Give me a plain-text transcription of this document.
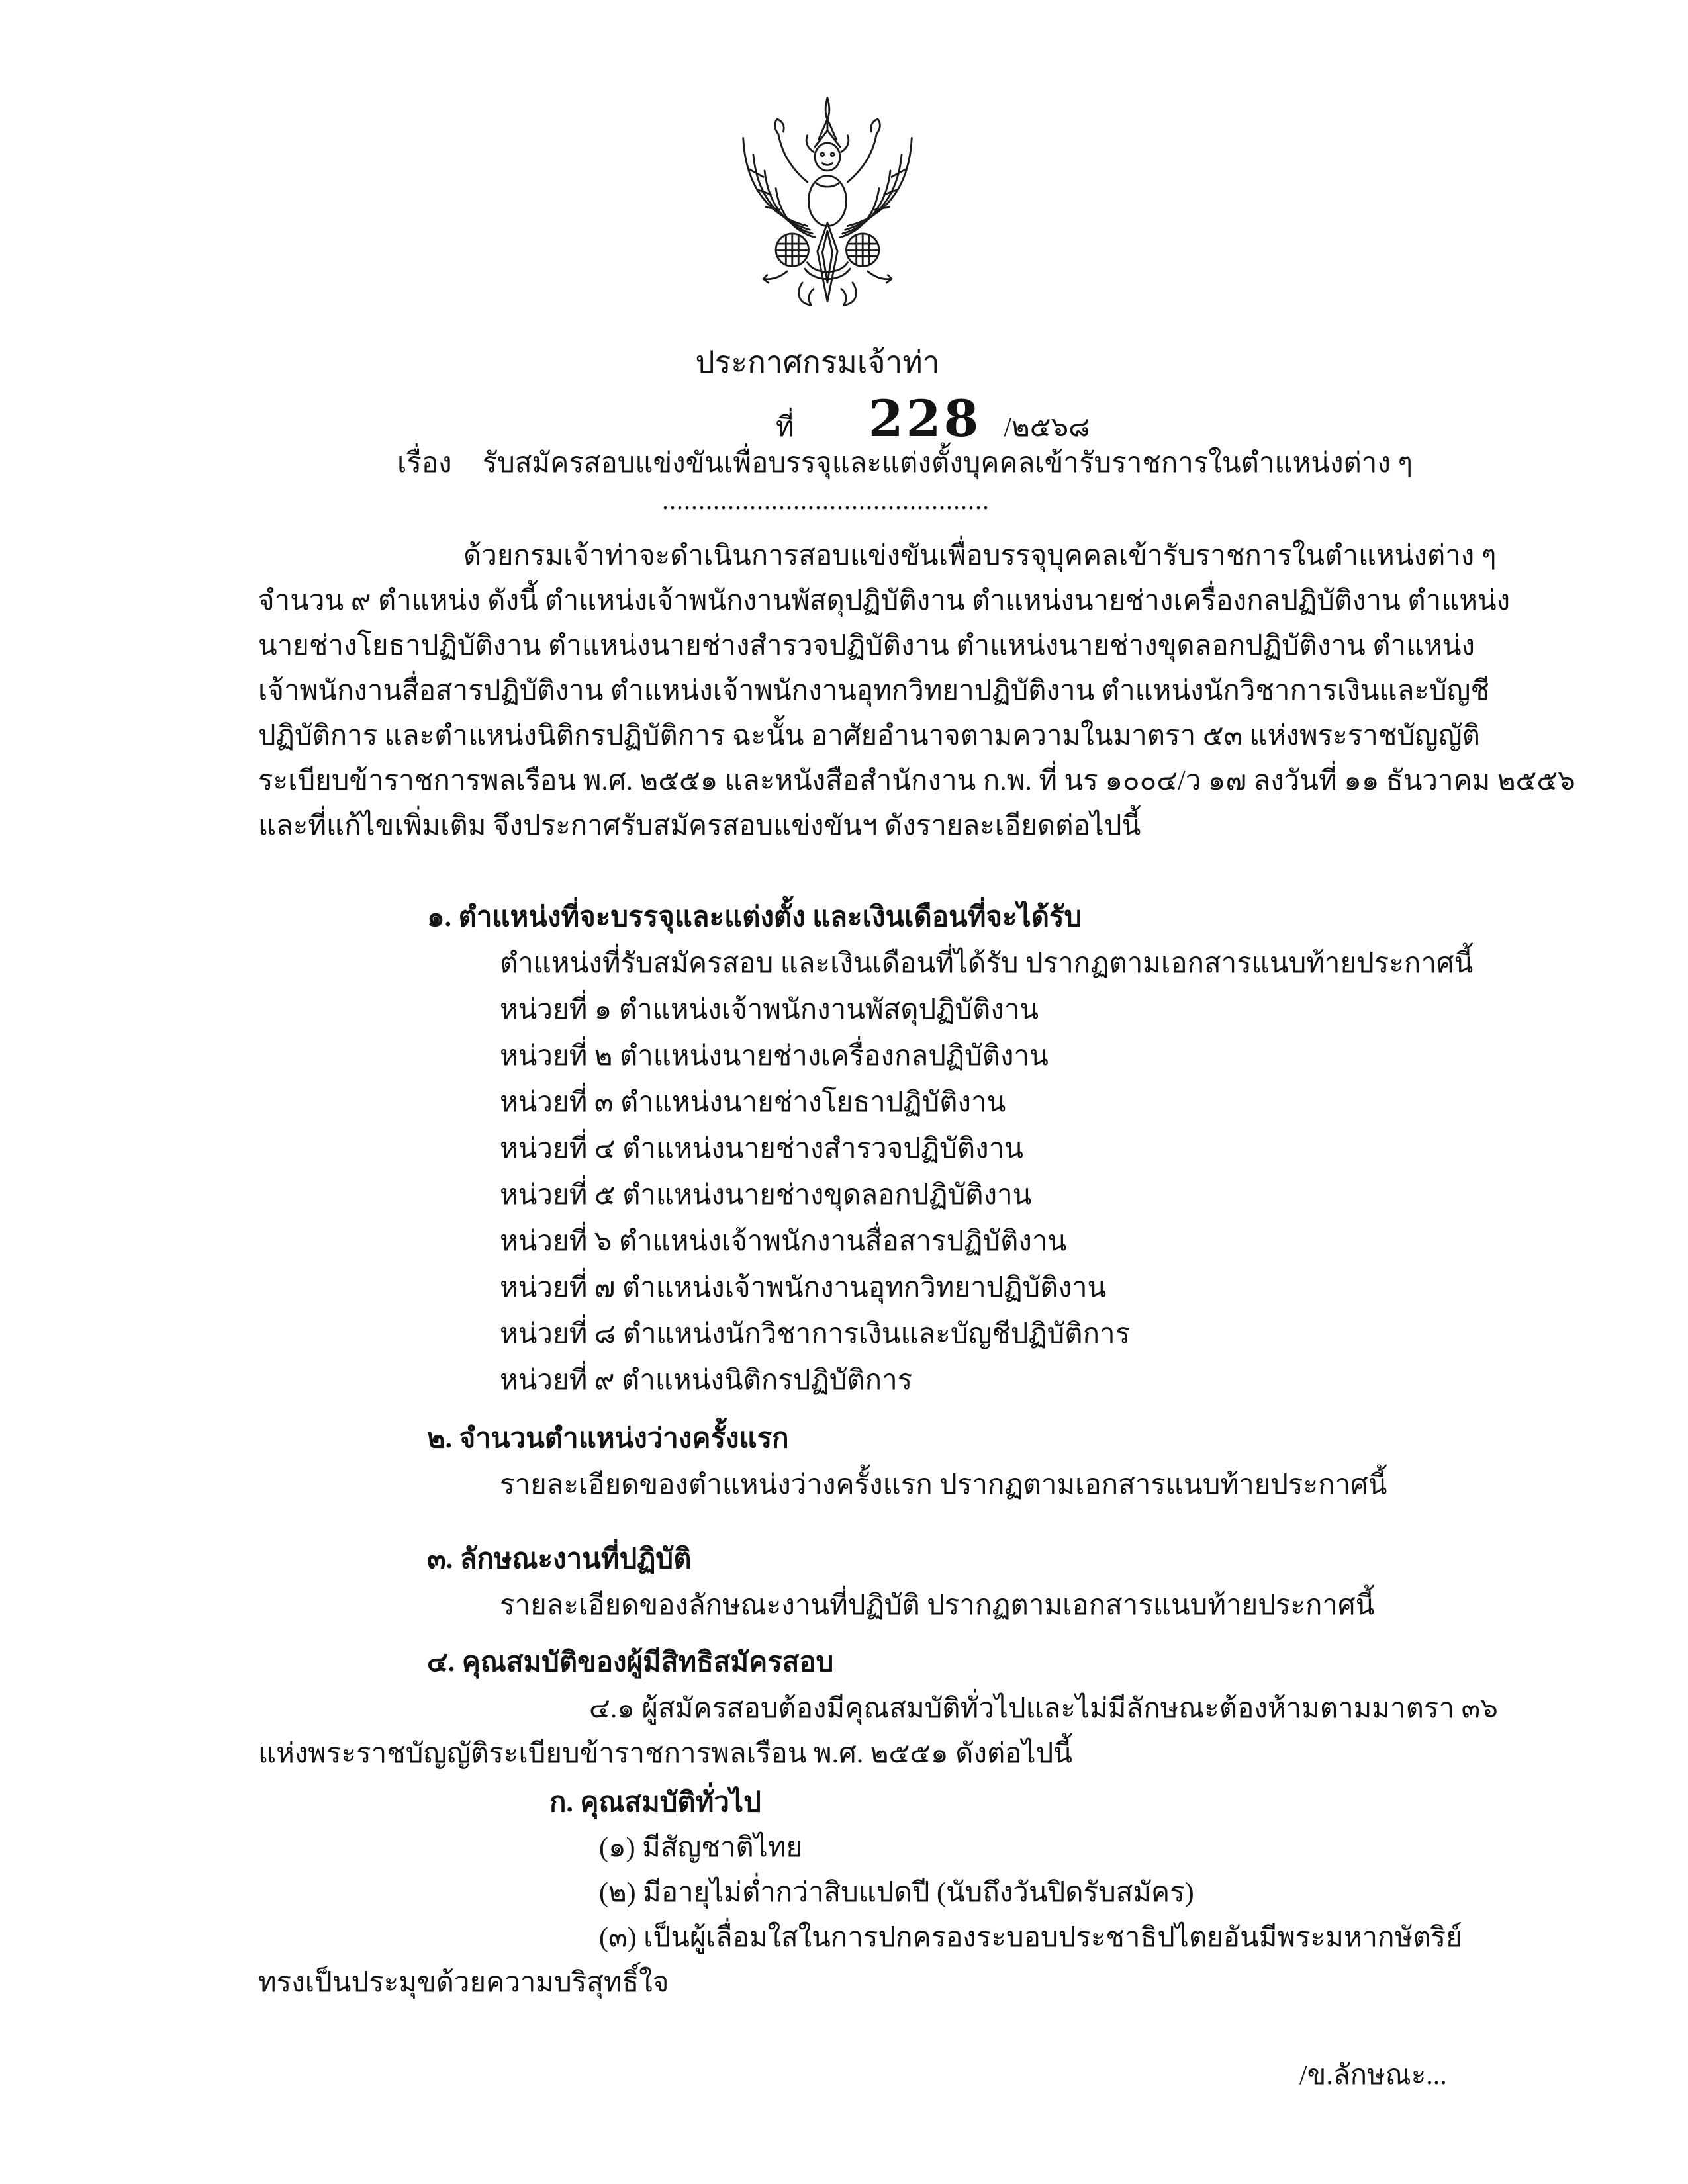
ประกาศกรมเจ้าท่า
ที่ 228 /๒๕๖๘
เรื่อง รับสมัครสอบแข่งขันเพื่อบรรจุและแต่งตั้งบุคคลเข้ารับราชการในตำแหน่งต่าง ๆ
.............................................
ด้วยกรมเจ้าท่าจะดำเนินการสอบแข่งขันเพื่อบรรจุบุคคลเข้ารับราชการในตำแหน่งต่าง ๆ
จำนวน ๙ ตำแหน่ง ดังนี้ ตำแหน่งเจ้าพนักงานพัสดุปฏิบัติงาน ตำแหน่งนายช่างเครื่องกลปฏิบัติงาน ตำแหน่ง
นายช่างโยธาปฏิบัติงาน ตำแหน่งนายช่างสำรวจปฏิบัติงาน ตำแหน่งนายช่างขุดลอกปฏิบัติงาน ตำแหน่ง
เจ้าพนักงานสื่อสารปฏิบัติงาน ตำแหน่งเจ้าพนักงานอุทกวิทยาปฏิบัติงาน ตำแหน่งนักวิชาการเงินและบัญชี
ปฏิบัติการ และตำแหน่งนิติกรปฏิบัติการ ฉะนั้น อาศัยอำนาจตามความในมาตรา ๕๓ แห่งพระราชบัญญัติ
ระเบียบข้าราชการพลเรือน พ.ศ. ๒๕๕๑ และหนังสือสำนักงาน ก.พ. ที่ นร ๑๐๐๔/ว ๑๗ ลงวันที่ ๑๑ ธันวาคม ๒๕๕๖
และที่แก้ไขเพิ่มเติม จึงประกาศรับสมัครสอบแข่งขันฯ ดังรายละเอียดต่อไปนี้
๑. ตำแหน่งที่จะบรรจุและแต่งตั้ง และเงินเดือนที่จะได้รับ
ตำแหน่งที่รับสมัครสอบ และเงินเดือนที่ได้รับ ปรากฏตามเอกสารแนบท้ายประกาศนี้
หน่วยที่ ๑ ตำแหน่งเจ้าพนักงานพัสดุปฏิบัติงาน
หน่วยที่ ๒ ตำแหน่งนายช่างเครื่องกลปฏิบัติงาน
หน่วยที่ ๓ ตำแหน่งนายช่างโยธาปฏิบัติงาน
หน่วยที่ ๔ ตำแหน่งนายช่างสำรวจปฏิบัติงาน
หน่วยที่ ๕ ตำแหน่งนายช่างขุดลอกปฏิบัติงาน
หน่วยที่ ๖ ตำแหน่งเจ้าพนักงานสื่อสารปฏิบัติงาน
หน่วยที่ ๗ ตำแหน่งเจ้าพนักงานอุทกวิทยาปฏิบัติงาน
หน่วยที่ ๘ ตำแหน่งนักวิชาการเงินและบัญชีปฏิบัติการ
หน่วยที่ ๙ ตำแหน่งนิติกรปฏิบัติการ
๒. จำนวนตำแหน่งว่างครั้งแรก
รายละเอียดของตำแหน่งว่างครั้งแรก ปรากฏตามเอกสารแนบท้ายประกาศนี้
๓. ลักษณะงานที่ปฏิบัติ
รายละเอียดของลักษณะงานที่ปฏิบัติ ปรากฏตามเอกสารแนบท้ายประกาศนี้
๔. คุณสมบัติของผู้มีสิทธิสมัครสอบ
๔.๑ ผู้สมัครสอบต้องมีคุณสมบัติทั่วไปและไม่มีลักษณะต้องห้ามตามมาตรา ๓๖
แห่งพระราชบัญญัติระเบียบข้าราชการพลเรือน พ.ศ. ๒๕๕๑ ดังต่อไปนี้
ก. คุณสมบัติทั่วไป
(๑) มีสัญชาติไทย
(๒) มีอายุไม่ต่ำกว่าสิบแปดปี (นับถึงวันปิดรับสมัคร)
(๓) เป็นผู้เลื่อมใสในการปกครองระบอบประชาธิปไตยอันมีพระมหากษัตริย์
ทรงเป็นประมุขด้วยความบริสุทธิ์ใจ
/ข.ลักษณะ...
